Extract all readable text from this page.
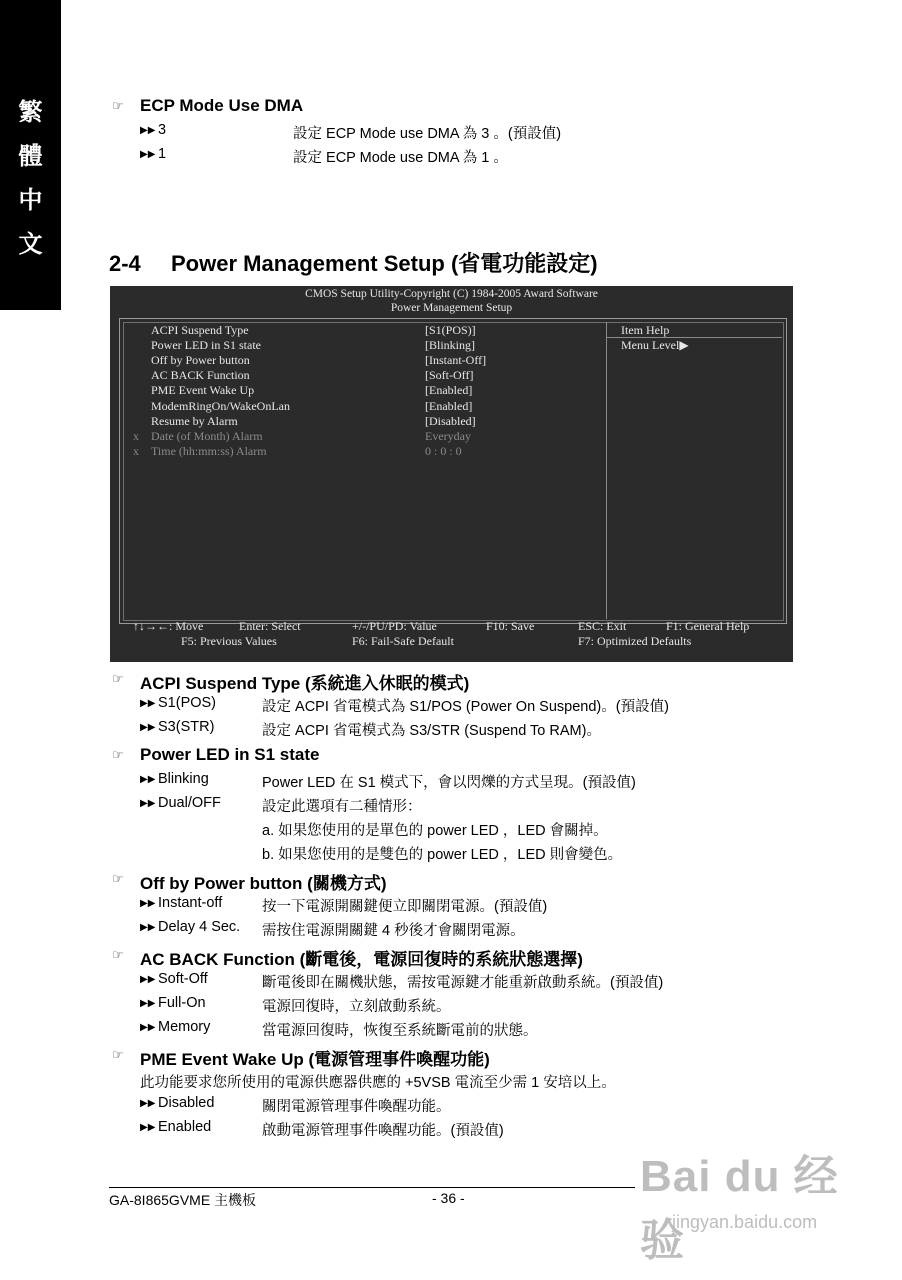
繁
體
中
文
☞ ECP Mode Use DMA
▶▶ 3	設定 ECP Mode use DMA 為 3 。(預設值)
▶▶ 1	設定 ECP Mode use DMA 為 1 。
2-4 Power Management Setup (省電功能設定)
CMOS Setup Utility-Copyright (C) 1984-2005 Award Software
Power Management Setup
ACPI Suspend Type	[S1(POS)]
Power LED in S1 state	[Blinking]
Off by Power button	[Instant-Off]
AC BACK Function	[Soft-Off]
PME Event Wake Up	[Enabled]
ModemRingOn/WakeOnLan	[Enabled]
Resume by Alarm	[Disabled]
x Date (of Month) Alarm	Everyday
x Time (hh:mm:ss) Alarm	0 : 0 : 0
Item Help
Menu Level▶
↑↓→←: Move	Enter: Select	+/-/PU/PD: Value	F10: Save	ESC: Exit	F1: General Help
F5: Previous Values	F6: Fail-Safe Default	F7: Optimized Defaults
☞ ACPI Suspend Type (系統進入休眠的模式)
▶▶ S1(POS)	設定 ACPI 省電模式為 S1/POS (Power On Suspend)。(預設值)
▶▶ S3(STR)	設定 ACPI 省電模式為 S3/STR (Suspend To RAM)。
☞ Power LED in S1 state
▶▶ Blinking	Power LED 在 S1 模式下，會以閃爍的方式呈現。(預設值)
▶▶ Dual/OFF	設定此選項有二種情形：
a. 如果您使用的是單色的 power LED ，LED 會關掉。
b. 如果您使用的是雙色的 power LED ，LED 則會變色。
☞ Off by Power button (關機方式)
▶▶ Instant-off	按一下電源開關鍵便立即關閉電源。(預設值)
▶▶ Delay 4 Sec. 需按住電源開關鍵 4 秒後才會關閉電源。
☞ AC BACK Function (斷電後，電源回復時的系統狀態選擇)
▶▶ Soft-Off	斷電後即在關機狀態，需按電源鍵才能重新啟動系統。(預設值)
▶▶ Full-On	電源回復時，立刻啟動系統。
▶▶ Memory	當電源回復時，恢復至系統斷電前的狀態。
☞ PME Event Wake Up (電源管理事件喚醒功能)
此功能要求您所使用的電源供應器供應的 +5VSB 電流至少需 1 安培以上。
▶▶ Disabled	關閉電源管理事件喚醒功能。
▶▶ Enabled	啟動電源管理事件喚醒功能。(預設值)
GA-8I865GVME 主機板	- 36 -	Bai du 经验
jingyan.baidu.com
